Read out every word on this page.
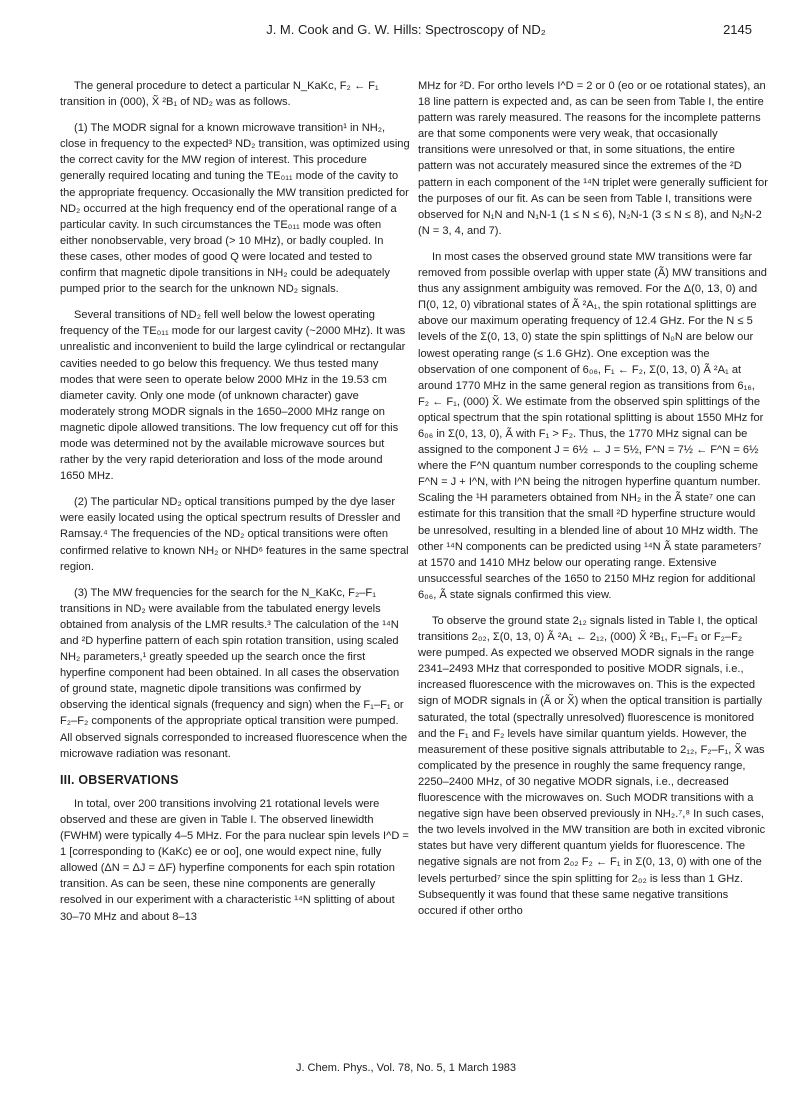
J. M. Cook and G. W. Hills: Spectroscopy of ND₂	2145

The general procedure to detect a particular N_KaKc, F₂ ← F₁ transition in (000), X̃ ²B₁ of ND₂ was as follows.

(1) The MODR signal for a known microwave transition¹ in NH₂, close in frequency to the expected³ ND₂ transition, was optimized using the correct cavity for the MW region of interest. This procedure generally required locating and tuning the TE₀₁₁ mode of the cavity to the appropriate frequency. Occasionally the MW transition predicted for ND₂ occurred at the high frequency end of the operational range of a particular cavity. In such circumstances the TE₀₁₁ mode was often either nonobservable, very broad (> 10 MHz), or badly coupled. In these cases, other modes of good Q were located and tested to confirm that magnetic dipole transitions in NH₂ could be adequately pumped prior to the search for the unknown ND₂ signals.

Several transitions of ND₂ fell well below the lowest operating frequency of the TE₀₁₁ mode for our largest cavity (~2000 MHz). It was unrealistic and inconvenient to build the large cylindrical or rectangular cavities needed to go below this frequency. We thus tested many modes that were seen to operate below 2000 MHz in the 19.53 cm diameter cavity. Only one mode (of unknown character) gave moderately strong MODR signals in the 1650–2000 MHz range on magnetic dipole allowed transitions. The low frequency cut off for this mode was determined not by the available microwave sources but rather by the very rapid deterioration and loss of the mode around 1650 MHz.

(2) The particular ND₂ optical transitions pumped by the dye laser were easily located using the optical spectrum results of Dressler and Ramsay.⁴ The frequencies of the ND₂ optical transitions were often confirmed relative to known NH₂ or NHD⁶ features in the same spectral region.

(3) The MW frequencies for the search for the N_KaKc, F₂–F₁ transitions in ND₂ were available from the tabulated energy levels obtained from analysis of the LMR results.³ The calculation of the ¹⁴N and ²D hyperfine pattern of each spin rotation transition, using scaled NH₂ parameters,¹ greatly speeded up the search once the first hyperfine component had been obtained. In all cases the observation of ground state, magnetic dipole transitions was confirmed by observing the identical signals (frequency and sign) when the F₁–F₁ or F₂–F₂ components of the appropriate optical transition were pumped. All observed signals corresponded to increased fluorescence when the microwave radiation was resonant.

III. OBSERVATIONS

In total, over 200 transitions involving 21 rotational levels were observed and these are given in Table I. The observed linewidth (FWHM) were typically 4–5 MHz. For the para nuclear spin levels I^D = 1 [corresponding to (KaKc) ee or oo], one would expect nine, fully allowed (ΔN = ΔJ = ΔF) hyperfine components for each spin rotation transition. As can be seen, these nine components are generally resolved in our experiment with a characteristic ¹⁴N splitting of about 30–70 MHz and about 8–13

MHz for ²D. For ortho levels I^D = 2 or 0 (eo or oe rotational states), an 18 line pattern is expected and, as can be seen from Table I, the entire pattern was rarely measured. The reasons for the incomplete patterns are that some components were very weak, that occasionally transitions were unresolved or that, in some situations, the entire pattern was not accurately measured since the extremes of the ²D pattern in each component of the ¹⁴N triplet were generally sufficient for the purposes of our fit. As can be seen from Table I, transitions were observed for N₁N and N₁N-1 (1 ≤ N ≤ 6), N₂N-1 (3 ≤ N ≤ 8), and N₂N-2 (N = 3, 4, and 7).

In most cases the observed ground state MW transitions were far removed from possible overlap with upper state (Ã) MW transitions and thus any assignment ambiguity was removed. For the Δ(0, 13, 0) and Π(0, 12, 0) vibrational states of Ã ²A₁, the spin rotational splittings are above our maximum operating frequency of 12.4 GHz. For the N ≤ 5 levels of the Σ(0, 13, 0) state the spin splittings of N₀N are below our lowest operating range (≤ 1.6 GHz). One exception was the observation of one component of 6₀₆, F₁ ← F₂, Σ(0, 13, 0) Ã ²A₁ at around 1770 MHz in the same general region as transitions from 6₁₆, F₂ ← F₁, (000) X̃. We estimate from the observed spin splittings of the optical spectrum that the spin rotational splitting is about 1550 MHz for 6₀₆ in Σ(0, 13, 0), Ã with F₁ > F₂. Thus, the 1770 MHz signal can be assigned to the component J = 6½ ← J = 5½, F^N = 7½ ← F^N = 6½ where the F^N quantum number corresponds to the coupling scheme F^N = J + I^N, with I^N being the nitrogen hyperfine quantum number. Scaling the ¹H parameters obtained from NH₂ in the Ã state⁷ one can estimate for this transition that the small ²D hyperfine structure would be unresolved, resulting in a blended line of about 10 MHz width. The other ¹⁴N components can be predicted using ¹⁴N Ã state parameters⁷ at 1570 and 1410 MHz below our operating range. Extensive unsuccessful searches of the 1650 to 2150 MHz region for additional 6₀₆, Ã state signals confirmed this view.

To observe the ground state 2₁₂ signals listed in Table I, the optical transitions 2₀₂, Σ(0, 13, 0) Ã ²A₁ ← 2₁₂, (000) X̃ ²B₁, F₁–F₁ or F₂–F₂ were pumped. As expected we observed MODR signals in the range 2341–2493 MHz that corresponded to positive MODR signals, i.e., increased fluorescence with the microwaves on. This is the expected sign of MODR signals in (Ã or X̃) when the optical transition is partially saturated, the total (spectrally unresolved) fluorescence is monitored and the F₁ and F₂ levels have similar quantum yields. However, the measurement of these positive signals attributable to 2₁₂, F₂–F₁, X̃ was complicated by the presence in roughly the same frequency range, 2250–2400 MHz, of 30 negative MODR signals, i.e., decreased fluorescence with the microwaves on. Such MODR transitions with a negative sign have been observed previously in NH₂.⁷,⁸ In such cases, the two levels involved in the MW transition are both in excited vibronic states but have very different quantum yields for fluorescence. The negative signals are not from 2₀₂ F₂ ← F₁ in Σ(0, 13, 0) with one of the levels perturbed⁷ since the spin splitting for 2₀₂ is less than 1 GHz. Subsequently it was found that these same negative transitions occured if other ortho

J. Chem. Phys., Vol. 78, No. 5, 1 March 1983
